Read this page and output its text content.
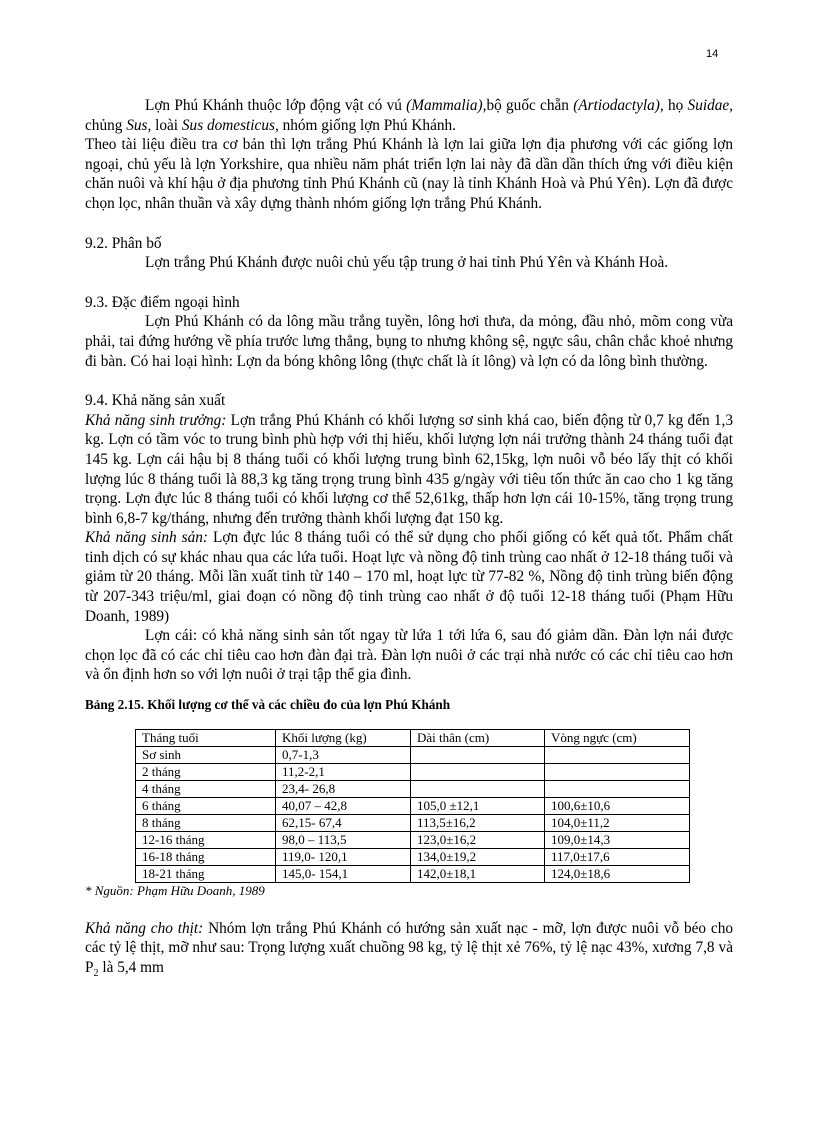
14

Lợn Phú Khánh thuộc lớp động vật có vú (Mammalia),bộ guốc chẵn (Artiodactyla), họ Suidae, chủng Sus, loài Sus domesticus, nhóm giống lợn Phú Khánh.

Theo tài liệu điều tra cơ bản thì lợn trắng Phú Khánh là lợn lai giữa lợn địa phương với các giống lợn ngoại, chủ yếu là lợn Yorkshire, qua nhiều năm phát triển lợn lai này đã dần dần thích ứng với điều kiện chăn nuôi và khí hậu ở địa phương tỉnh Phú Khánh cũ (nay là tỉnh Khánh Hoà và Phú Yên). Lợn đã được chọn lọc, nhân thuần và xây dựng thành nhóm giống lợn trắng Phú Khánh.

9.2. Phân bố

Lợn trắng Phú Khánh được nuôi chủ yếu tập trung ở hai tỉnh Phú Yên và Khánh Hoà.

9.3. Đặc điểm ngoại hình

Lợn Phú Khánh có da lông mầu trắng tuyền, lông hơi thưa, da mỏng, đầu nhỏ, mõm cong vừa phải, tai đứng hướng về phía trước lưng thẳng, bụng to nhưng không sệ, ngực sâu, chân chắc khoẻ nhưng đi bàn. Có hai loại hình: Lợn da bóng không lông (thực chất là ít lông) và lợn có da lông bình thường.

9.4. Khả năng sản xuất

Khả năng sinh trưởng: Lợn trắng Phú Khánh có khối lượng sơ sinh khá cao, biến động từ 0,7 kg đến 1,3 kg. Lợn có tầm vóc to trung bình phù hợp với thị hiếu, khối lượng lợn nái trưởng thành 24 tháng tuổi đạt 145 kg. Lợn cái hậu bị 8 tháng tuổi có khối lượng trung bình 62,15kg, lợn nuôi vỗ béo lấy thịt có khối lượng lúc 8 tháng tuổi là 88,3 kg tăng trọng trung bình 435 g/ngày với tiêu tốn thức ăn cao cho 1 kg tăng trọng. Lợn đực lúc 8 tháng tuổi có khối lượng cơ thể 52,61kg, thấp hơn lợn cái 10-15%, tăng trọng trung bình 6,8-7 kg/tháng, nhưng đến trưởng thành khối lượng đạt 150 kg.

Khả năng sinh sản: Lợn đực lúc 8 tháng tuổi có thể sử dụng cho phối giống có kết quả tốt. Phẩm chất tinh dịch có sự khác nhau qua các lứa tuổi. Hoạt lực và nồng độ tinh trùng cao nhất ở 12-18 tháng tuổi và giảm từ 20 tháng. Mỗi lần xuất tinh từ 140 – 170 ml, hoạt lực từ 77-82 %, Nồng độ tinh trùng biến động từ 207-343 triệu/ml, giai đoạn có nồng độ tinh trùng cao nhất ở độ tuổi 12-18 tháng tuổi (Phạm Hữu Doanh, 1989)

Lợn cái: có khả năng sinh sản tốt ngay từ lứa 1 tới lứa 6, sau đó giảm dần. Đàn lợn nái được chọn lọc đã có các chỉ tiêu cao hơn đàn đại trà. Đàn lợn nuôi ở các trại nhà nước có các chỉ tiêu cao hơn và ổn định hơn so với lợn nuôi ở trại tập thể gia đình.

Bảng 2.15. Khối lượng cơ thể và các chiều đo của lợn Phú Khánh

Tháng tuổi	Khối lượng (kg)	Dài thân (cm)	Vòng ngực (cm)
Sơ sinh	0,7-1,3		
2 tháng	11,2-2,1		
4 tháng	23,4- 26,8		
6 tháng	40,07 – 42,8	105,0 ±12,1	100,6±10,6
8 tháng	62,15- 67,4	113,5±16,2	104,0±11,2
12-16 tháng	98,0 – 113,5	123,0±16,2	109,0±14,3
16-18 tháng	119,0- 120,1	134,0±19,2	117,0±17,6
18-21 tháng	145,0- 154,1	142,0±18,1	124,0±18,6

* Nguồn: Phạm Hữu Doanh, 1989

Khả năng cho thịt: Nhóm lợn trắng Phú Khánh có hướng sản xuất nạc - mỡ, lợn được nuôi vỗ béo cho các tỷ lệ thịt, mỡ như sau: Trọng lượng xuất chuồng 98 kg, tỷ lệ thịt xẻ 76%, tỷ lệ nạc 43%, xương 7,8 và $P_2$ là 5,4 mm
